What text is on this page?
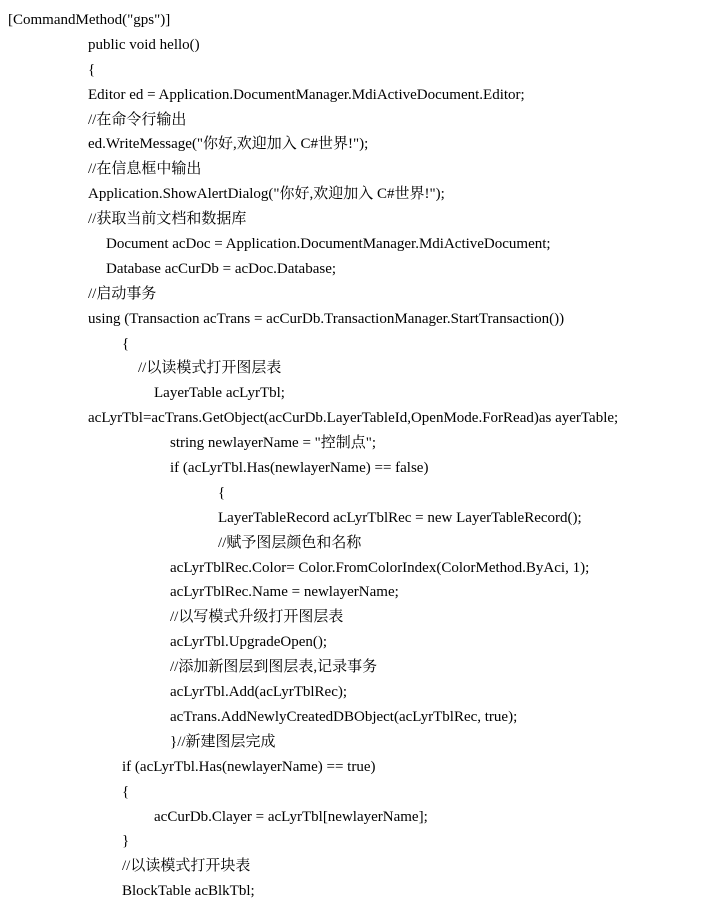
[CommandMethod("gps")]
public void hello()
{
Editor ed = Application.DocumentManager.MdiActiveDocument.Editor;
//在命令行输出
ed.WriteMessage("你好,欢迎加入 C#世界!");
//在信息框中输出
Application.ShowAlertDialog("你好,欢迎加入 C#世界!");
//获取当前文档和数据库
Document acDoc = Application.DocumentManager.MdiActiveDocument;
Database acCurDb = acDoc.Database;
//启动事务
using (Transaction acTrans = acCurDb.TransactionManager.StartTransaction())
{
//以读模式打开图层表
LayerTable acLyrTbl;
acLyrTbl=acTrans.GetObject(acCurDb.LayerTableId,OpenMode.ForRead)as ayerTable;
string newlayerName = "控制点";
if (acLyrTbl.Has(newlayerName) == false)
{
LayerTableRecord acLyrTblRec = new LayerTableRecord();
//赋予图层颜色和名称
acLyrTblRec.Color= Color.FromColorIndex(ColorMethod.ByAci, 1);
acLyrTblRec.Name = newlayerName;
//以写模式升级打开图层表
acLyrTbl.UpgradeOpen();
//添加新图层到图层表,记录事务
acLyrTbl.Add(acLyrTblRec);
acTrans.AddNewlyCreatedDBObject(acLyrTblRec, true);
}//新建图层完成
if (acLyrTbl.Has(newlayerName) == true)
{
acCurDb.Clayer = acLyrTbl[newlayerName];
}
//以读模式打开块表
BlockTable acBlkTbl;
